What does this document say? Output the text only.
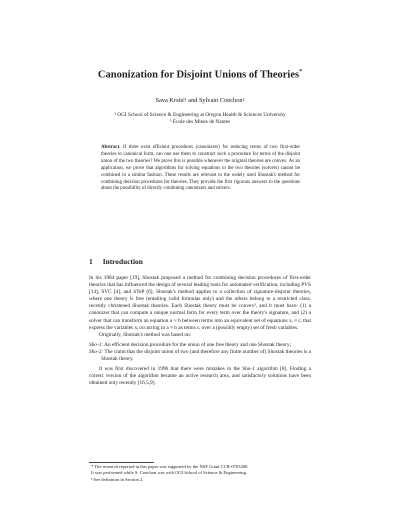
Canonization for Disjoint Unions of Theories*
Sava Krstić¹ and Sylvain Conchon²
¹ OGI School of Science & Engineering at Oregon Health & Sciences University
² École des Mines de Nantes
Abstract. If there exist efficient procedures (canonizers) for reducing terms of two first-order theories to canonical form, can one use them to construct such a procedure for terms of the disjoint union of the two theories? We prove this is possible whenever the original theories are convex. As an application, we prove that algorithms for solving equations in the two theories (solvers) cannot be combined in a similar fashion. These results are relevant to the widely used Shostak's method for combining decision procedures for theories. They provide the first rigorous answers to the questions about the possibility of directly combining canonizers and solvers.
1 Introduction

In his 1984 paper [19], Shostak proposed a method for combining decision procedures of first-order theories that has influenced the design of several leading tools for automated verification, including PVS [14], SVC [4], and STeP [6]. Shostak's method applies to a collection of signature-disjoint theories, where one theory is free (entailing valid formulas only) and the others belong to a restricted class, recently christened Shostak theories. Each Shostak theory must be convex³, and it must have: (1) a canonizer that can compute a unique normal form for every term over the theory's signature, and (2) a solver that can transform an equation a ≈ b between terms into an equivalent set of equations xᵢ ≈ cᵢ that express the variables xᵢ occurring in a ≈ b as terms cᵢ over a (possibly empty) set of fresh variables.

Originally, Shostak's method was based on:

Sho-1: An efficient decision procedure for the union of one free theory and one Shostak theory;

Sho-2: The claim that the disjoint union of two (and therefore any finite number of) Shostak theories is a Shostak theory.

It was first discovered in 1996 that there were mistakes in the Sho-1 algorithm [8]. Finding a correct version of the algorithm became an active research area, and satisfactory solutions have been obtained only recently [16,5,9].

* The research reported in this paper was supported by the NSF Grant CCR-0703208.
It was performed while S. Conchon was with OGI School of Science & Engineering.
³ See definition in Section 2.
